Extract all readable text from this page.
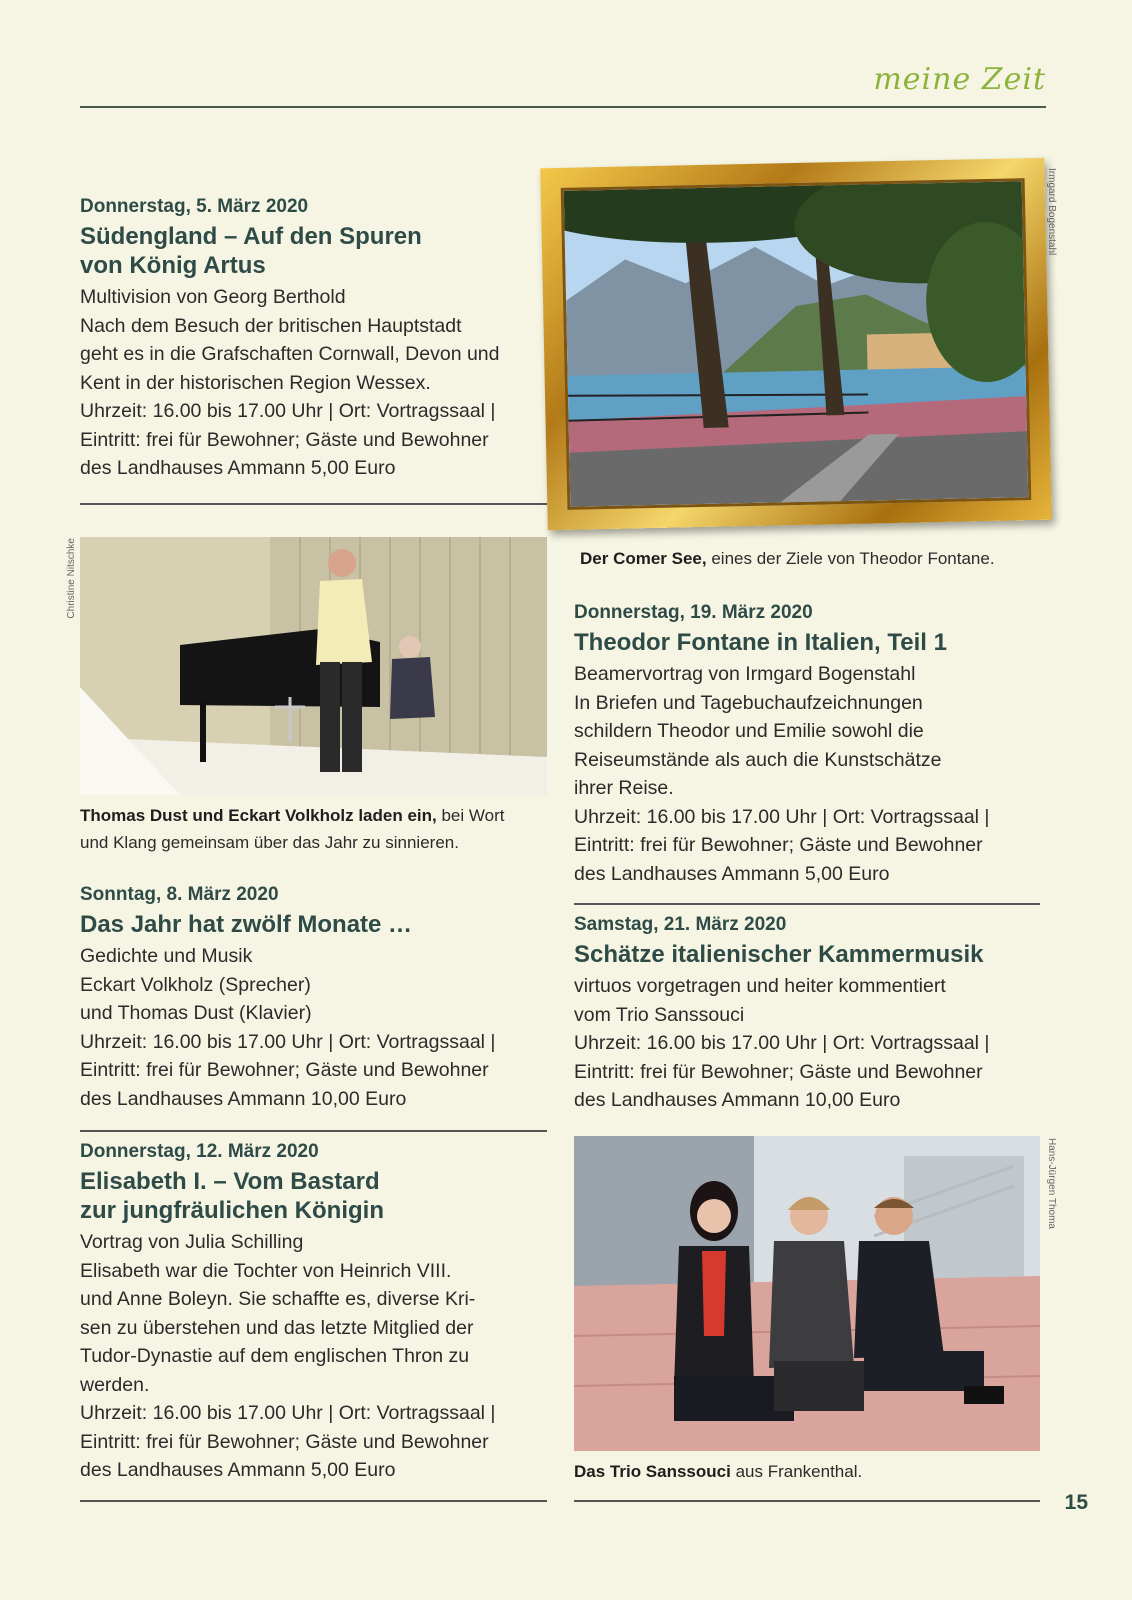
meine Zeit
Donnerstag, 5. März 2020
Südengland – Auf den Spuren
von König Artus

Multivision von Georg Berthold

Nach dem Besuch der britischen Hauptstadt

geht es in die Grafschaften Cornwall, Devon und

Kent in der historischen Region Wessex.

Uhrzeit: 16.00 bis 17.00 Uhr | Ort: Vortragssaal |

Eintritt: frei für Bewohner; Gäste und Bewohner

des Landhauses Ammann 5,00 Euro

Christine Nitschke
Thomas Dust und Eckart Volkholz laden ein, bei Wort
und Klang gemeinsam über das Jahr zu sinnieren.
Sonntag, 8. März 2020
Das Jahr hat zwölf Monate …

Gedichte und Musik

Eckart Volkholz (Sprecher)

und Thomas Dust (Klavier)

Uhrzeit: 16.00 bis 17.00 Uhr | Ort: Vortragssaal |

Eintritt: frei für Bewohner; Gäste und Bewohner

des Landhauses Ammann 10,00 Euro

Donnerstag, 12. März 2020
Elisabeth I. – Vom Bastard
zur jungfräulichen Königin

Vortrag von Julia Schilling

Elisabeth war die Tochter von Heinrich VIII.

und Anne Boleyn. Sie schaffte es, diverse Kri-

sen zu überstehen und das letzte Mitglied der

Tudor-Dynastie auf dem englischen Thron zu

werden.

Uhrzeit: 16.00 bis 17.00 Uhr | Ort: Vortragssaal |

Eintritt: frei für Bewohner; Gäste und Bewohner

des Landhauses Ammann 5,00 Euro

Irmgard Bogenstahl
Der Comer See, eines der Ziele von Theodor Fontane.
Donnerstag, 19. März 2020
Theodor Fontane in Italien, Teil 1

Beamervortrag von Irmgard Bogenstahl

In Briefen und Tagebuchaufzeichnungen

schildern Theodor und Emilie sowohl die

Reiseumstände als auch die Kunstschätze

ihrer Reise.

Uhrzeit: 16.00 bis 17.00 Uhr | Ort: Vortragssaal |

Eintritt: frei für Bewohner; Gäste und Bewohner

des Landhauses Ammann 5,00 Euro

Samstag, 21. März 2020
Schätze italienischer Kammermusik

virtuos vorgetragen und heiter kommentiert

vom Trio Sanssouci

Uhrzeit: 16.00 bis 17.00 Uhr | Ort: Vortragssaal |

Eintritt: frei für Bewohner; Gäste und Bewohner

des Landhauses Ammann 10,00 Euro

Hans-Jürgen Thoma
Das Trio Sanssouci aus Frankenthal.
15
